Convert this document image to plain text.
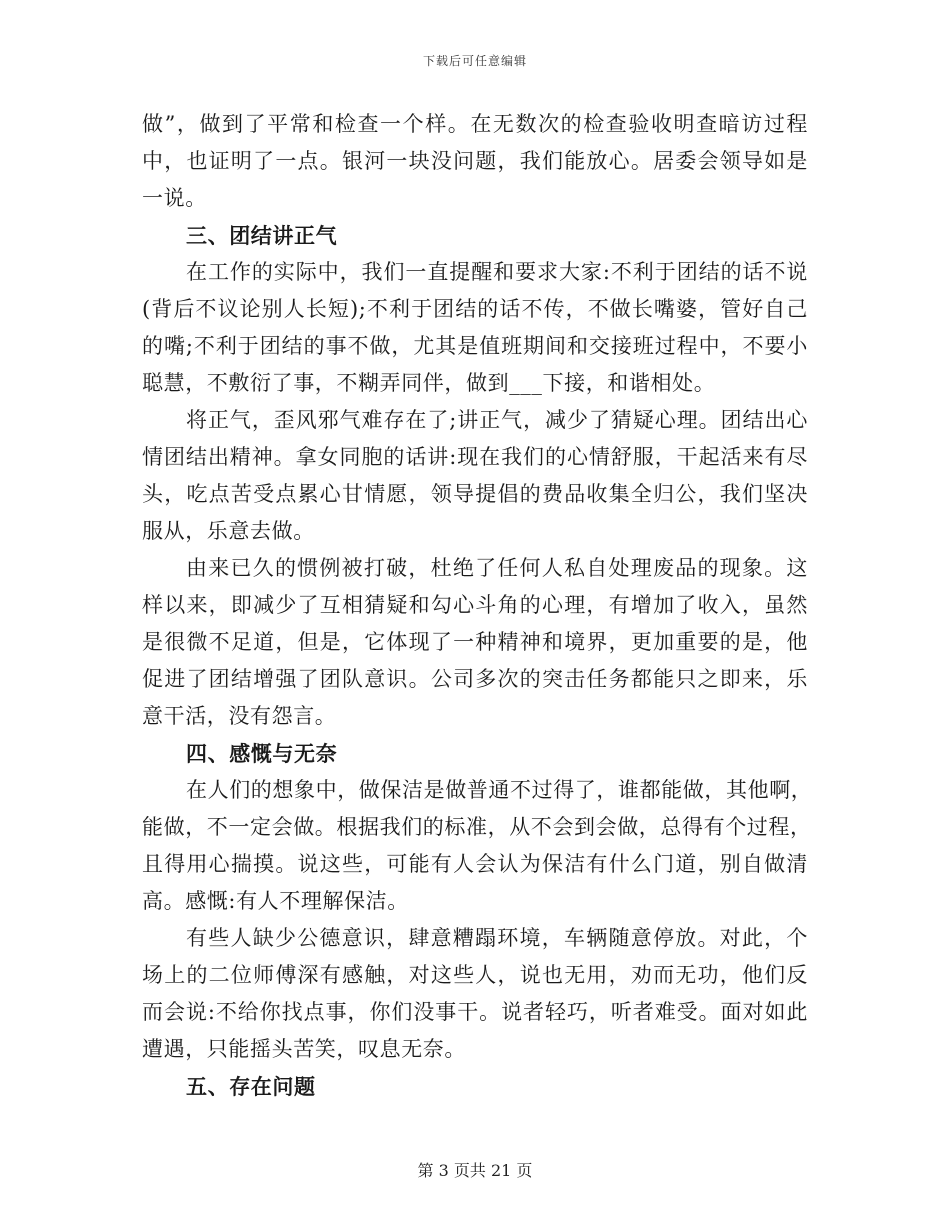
下载后可任意编辑
做”，做到了平常和检查一个样。在无数次的检查验收明查暗访过程
中，也证明了一点。银河一块没问题，我们能放心。居委会领导如是
一说。
三、团结讲正气
在工作的实际中，我们一直提醒和要求大家:不利于团结的话不说
(背后不议论别人长短);不利于团结的话不传，不做长嘴婆，管好自己
的嘴;不利于团结的事不做，尤其是值班期间和交接班过程中，不要小
聪慧，不敷衍了事，不糊弄同伴，做到___下接，和谐相处。
将正气，歪风邪气难存在了;讲正气，减少了猜疑心理。团结出心
情团结出精神。拿女同胞的话讲:现在我们的心情舒服，干起活来有尽
头，吃点苦受点累心甘情愿，领导提倡的费品收集全归公，我们坚决
服从，乐意去做。
由来已久的惯例被打破，杜绝了任何人私自处理废品的现象。这
样以来，即减少了互相猜疑和勾心斗角的心理，有增加了收入，虽然
是很微不足道，但是，它体现了一种精神和境界，更加重要的是，他
促进了团结增强了团队意识。公司多次的突击任务都能只之即来，乐
意干活，没有怨言。
四、感慨与无奈
在人们的想象中，做保洁是做普通不过得了，谁都能做，其他啊，
能做，不一定会做。根据我们的标准，从不会到会做，总得有个过程，
且得用心揣摸。说这些，可能有人会认为保洁有什么门道，别自做清
高。感慨:有人不理解保洁。
有些人缺少公德意识，肆意糟蹋环境，车辆随意停放。对此，个
场上的二位师傅深有感触，对这些人，说也无用，劝而无功，他们反
而会说:不给你找点事，你们没事干。说者轻巧，听者难受。面对如此
遭遇，只能摇头苦笑，叹息无奈。
五、存在问题
第 3 页共 21 页
